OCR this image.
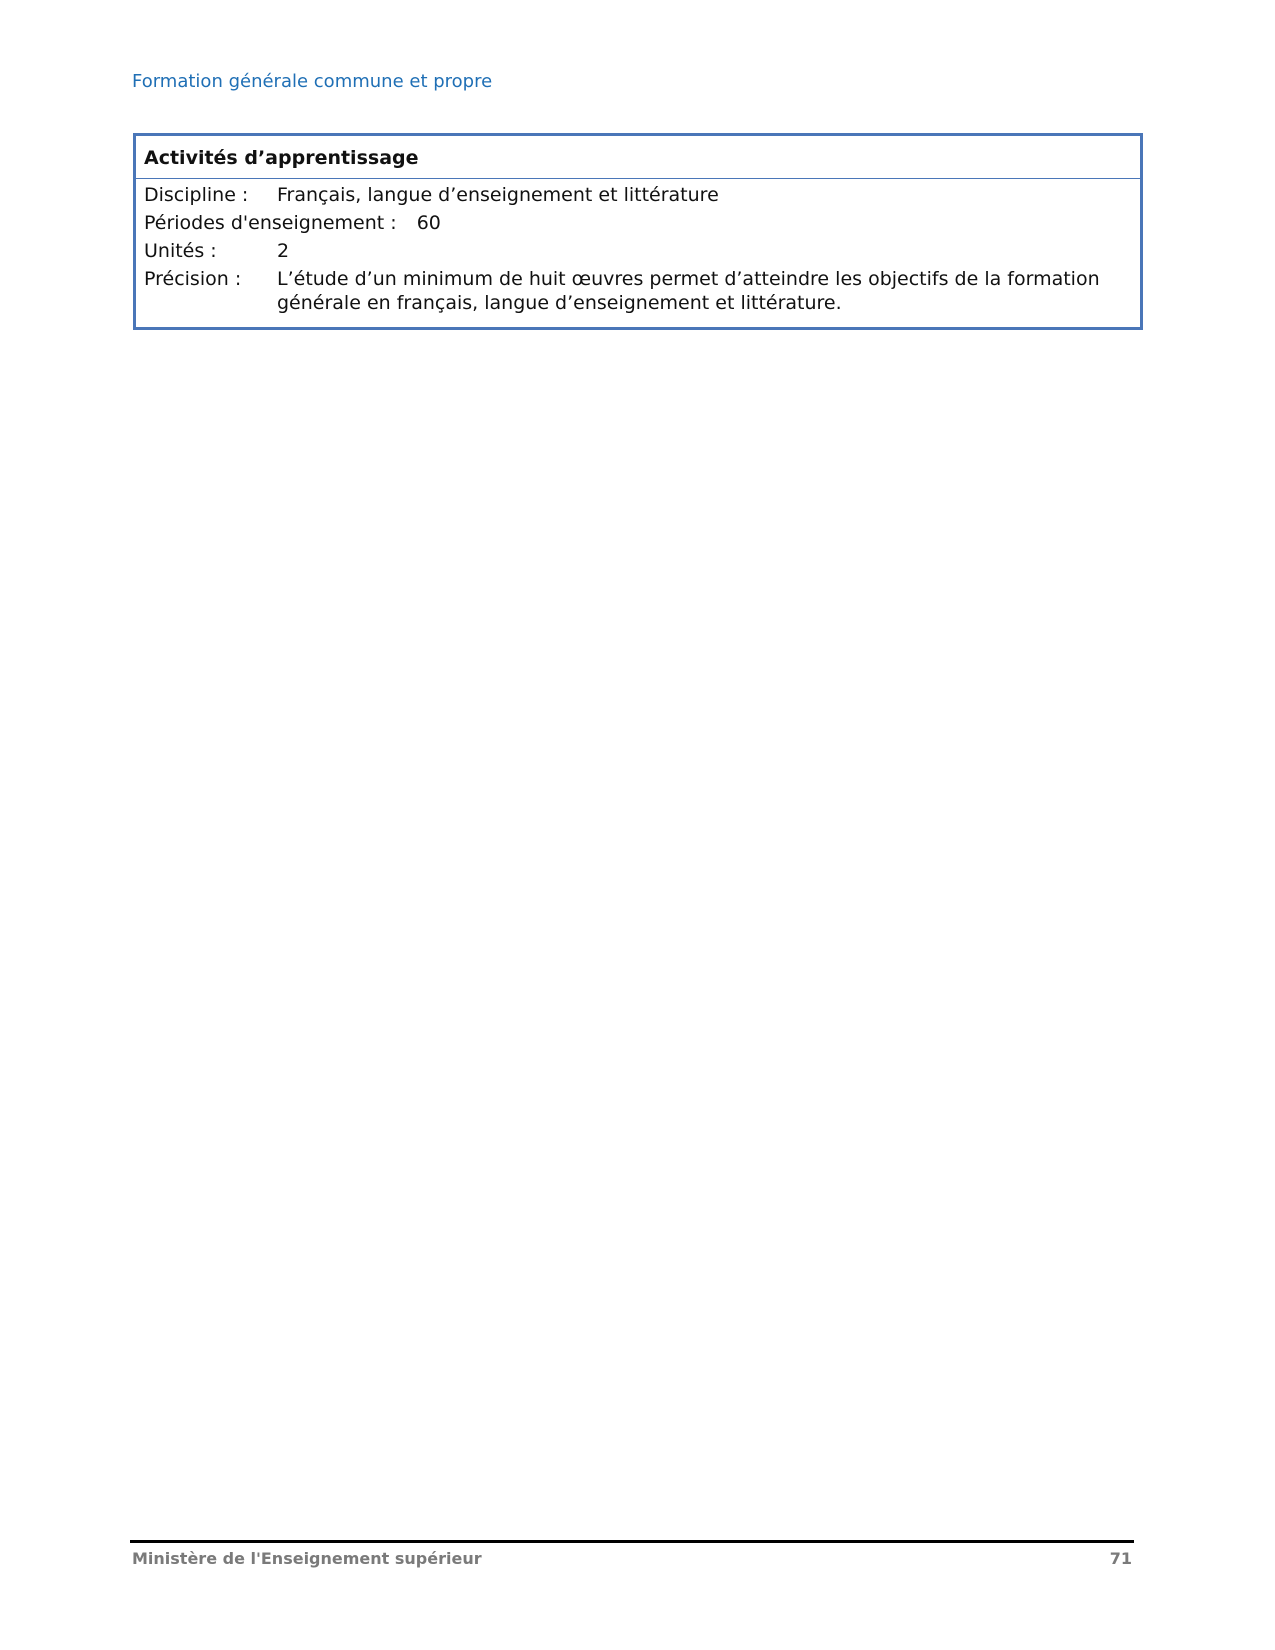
Formation générale commune et propre
Activités d’apprentissage
Discipline :	Français, langue d’enseignement et littérature
Périodes d'enseignement : 60
Unités :	2
Précision :	L’étude d’un minimum de huit œuvres permet d’atteindre les objectifs de la formation générale en français, langue d’enseignement et littérature.
Ministère de l'Enseignement supérieur	71
